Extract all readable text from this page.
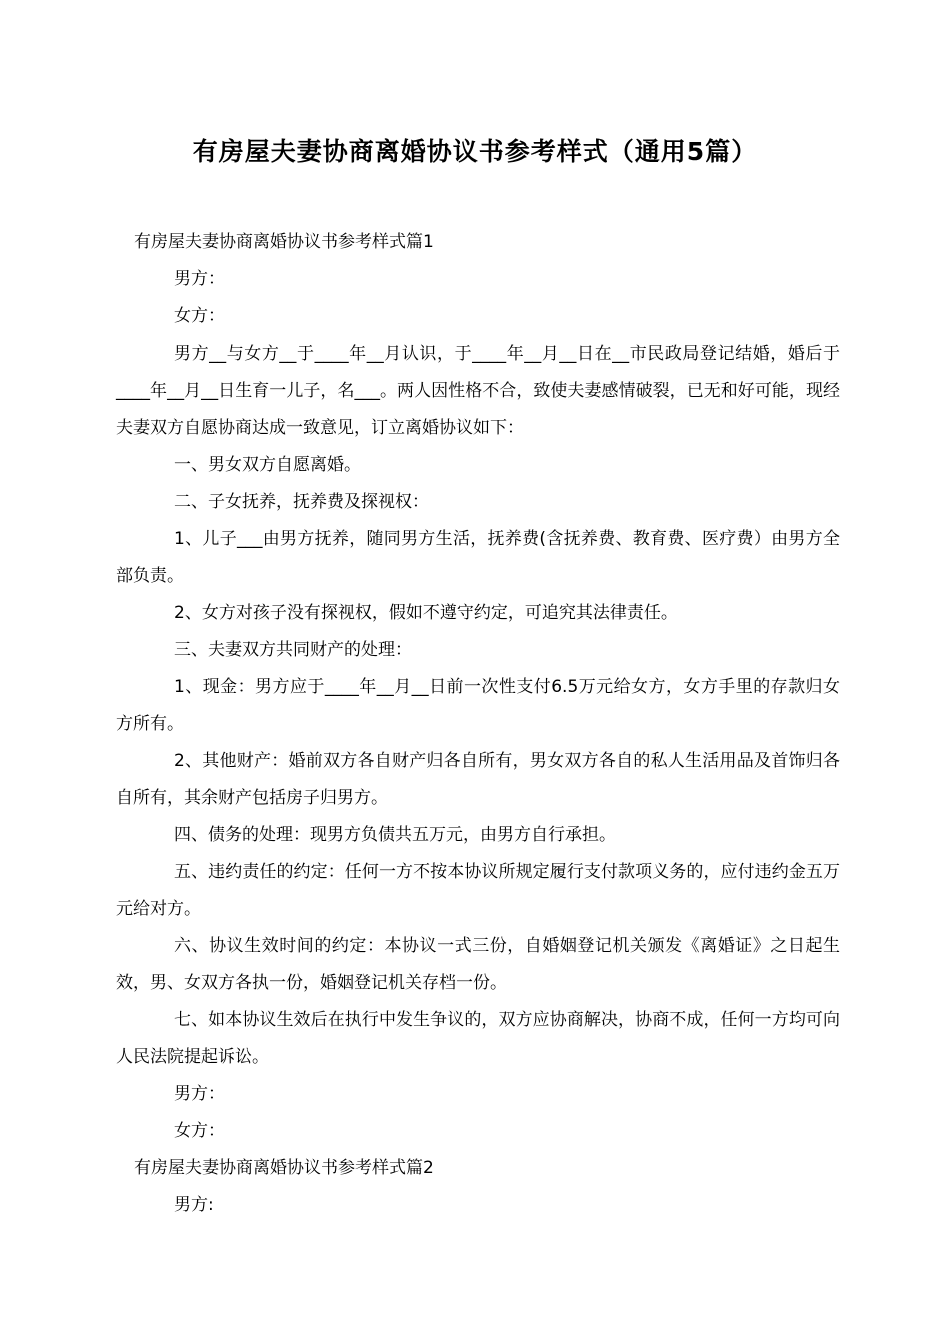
有房屋夫妻协商离婚协议书参考样式（通用5篇）

有房屋夫妻协商离婚协议书参考样式篇1

男方：

女方：

男方__与女方__于____年__月认识，于____年__月__日在__市民政局登记结婚，婚后于____年__月__日生育一儿子，名___。两人因性格不合，致使夫妻感情破裂，已无和好可能，现经夫妻双方自愿协商达成一致意见，订立离婚协议如下：

一、男女双方自愿离婚。

二、子女抚养，抚养费及探视权：

1、儿子___由男方抚养，随同男方生活，抚养费(含抚养费、教育费、医疗费）由男方全部负责。

2、女方对孩子没有探视权，假如不遵守约定，可追究其法律责任。

三、夫妻双方共同财产的处理：

1、现金：男方应于____年__月__日前一次性支付6.5万元给女方，女方手里的存款归女方所有。

2、其他财产：婚前双方各自财产归各自所有，男女双方各自的私人生活用品及首饰归各自所有，其余财产包括房子归男方。

四、债务的处理：现男方负债共五万元，由男方自行承担。

五、违约责任的约定：任何一方不按本协议所规定履行支付款项义务的，应付违约金五万元给对方。

六、协议生效时间的约定：本协议一式三份，自婚姻登记机关颁发《离婚证》之日起生效，男、女双方各执一份，婚姻登记机关存档一份。

七、如本协议生效后在执行中发生争议的，双方应协商解决，协商不成，任何一方均可向人民法院提起诉讼。

男方：

女方：

有房屋夫妻协商离婚协议书参考样式篇2

男方:
